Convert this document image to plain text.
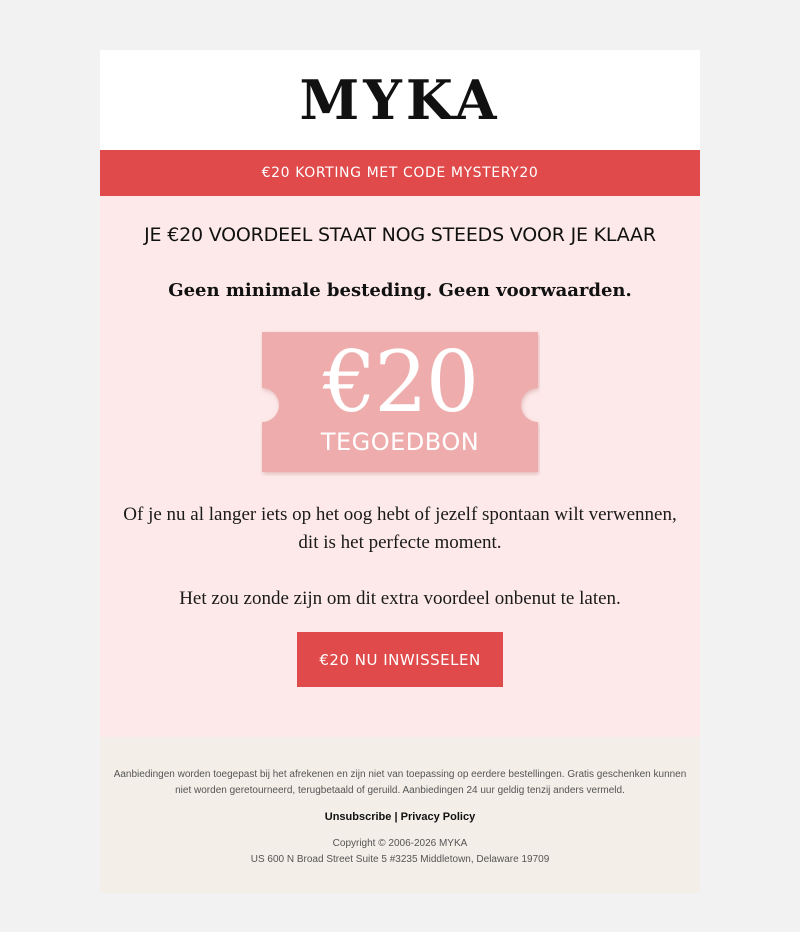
MYKA
€20 KORTING MET CODE MYSTERY20
JE €20 VOORDEEL STAAT NOG STEEDS VOOR JE KLAAR
Geen minimale besteding. Geen voorwaarden.
€20
TEGOEDBON
Of je nu al langer iets op het oog hebt of jezelf spontaan wilt verwennen, dit is het perfecte moment.
Het zou zonde zijn om dit extra voordeel onbenut te laten.
€20 NU INWISSELEN
Aanbiedingen worden toegepast bij het afrekenen en zijn niet van toepassing op eerdere bestellingen. Gratis geschenken kunnen niet worden geretourneerd, terugbetaald of geruild. Aanbiedingen 24 uur geldig tenzij anders vermeld.
Unsubscribe | Privacy Policy
Copyright © 2006-2026 MYKA
US 600 N Broad Street Suite 5 #3235 Middletown, Delaware 19709
